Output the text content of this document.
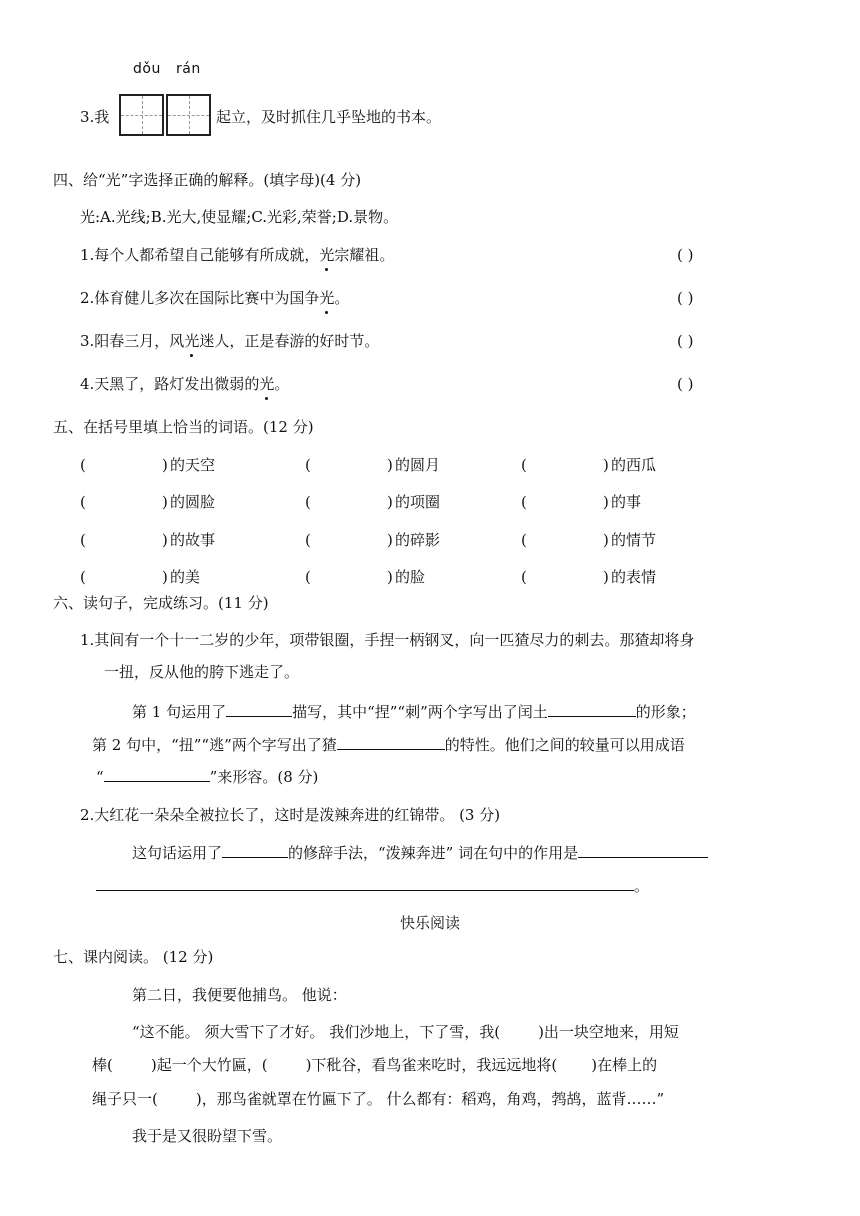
dǒu rán
3.我	起立，及时抓住几乎坠地的书本。
四、给“光”字选择正确的解释。(填字母)(4 分)
光:A.光线;B.光大,使显耀;C.光彩,荣誉;D.景物。
1.每个人都希望自己能够有所成就，光宗耀祖。	( )
2.体育健儿多次在国际比赛中为国争光。	( )
3.阳春三月，风光迷人，正是春游的好时节。	( )
4.天黑了，路灯发出微弱的光。	( )
五、在括号里填上恰当的词语。(12 分)
(	) 的天空	(	) 的圆月	(	) 的西瓜
(	) 的圆脸	(	) 的项圈	(	) 的事
(	) 的故事	(	) 的碎影	(	) 的情节
(	) 的美	(	) 的脸	(	) 的表情
六、读句子，完成练习。(11 分)
1.其间有一个十一二岁的少年，项带银圈，手捏一柄钢叉，向一匹猹尽力的刺去。那猹却将身
一扭，反从他的胯下逃走了。
第 1 句运用了	描写，其中“捏”“刺”两个字写出了闰土	的形象；
第 2 句中，“扭”“逃”两个字写出了猹	的特性。他们之间的较量可以用成语
“	”来形容。(8 分)
2.大红花一朵朵全被拉长了，这时是泼辣奔进的红锦带。 (3 分)
这句话运用了	的修辞手法，“泼辣奔进” 词在句中的作用是
。
快乐阅读
七、课内阅读。 (12 分)
第二日，我便要他捕鸟。 他说：
“这不能。 须大雪下了才好。 我们沙地上，下了雪，我(	)出一块空地来，用短
棒(	)起一个大竹匾，(	)下秕谷，看鸟雀来吃时，我远远地将( )在棒上的
绳子只一(	)，那鸟雀就罩在竹匾下了。 什么都有：稻鸡，角鸡，鹁鸪，蓝背……”
我于是又很盼望下雪。
